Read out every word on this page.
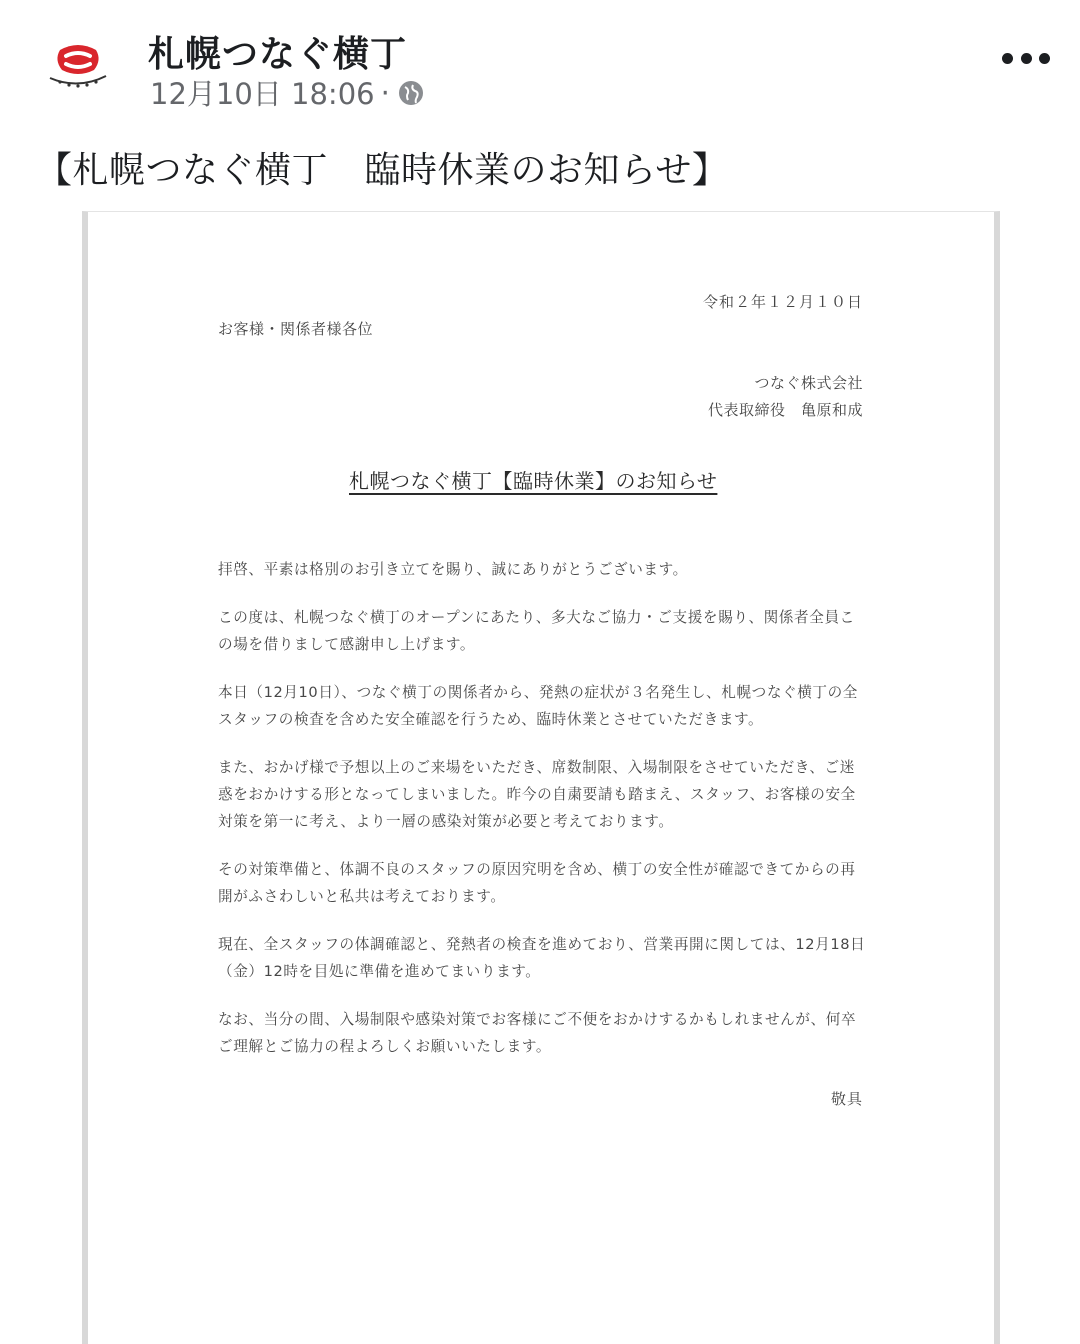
札幌つなぐ横丁
12月10日 18:06 ·
【札幌つなぐ横丁　臨時休業のお知らせ】
令和２年１２月１０日
お客様・関係者様各位
つなぐ株式会社
代表取締役　亀原和成
札幌つなぐ横丁【臨時休業】のお知らせ

拝啓、平素は格別のお引き立てを賜り、誠にありがとうございます。

この度は、札幌つなぐ横丁のオープンにあたり、多大なご協力・ご支援を賜り、関係者全員この場を借りまして感謝申し上げます。

本日（12月10日）、つなぐ横丁の関係者から、発熱の症状が３名発生し、札幌つなぐ横丁の全スタッフの検査を含めた安全確認を行うため、臨時休業とさせていただきます。

また、おかげ様で予想以上のご来場をいただき、席数制限、入場制限をさせていただき、ご迷惑をおかけする形となってしまいました。昨今の自粛要請も踏まえ、スタッフ、お客様の安全対策を第一に考え、より一層の感染対策が必要と考えております。

その対策準備と、体調不良のスタッフの原因究明を含め、横丁の安全性が確認できてからの再開がふさわしいと私共は考えております。

現在、全スタッフの体調確認と、発熱者の検査を進めており、営業再開に関しては、12月18日（金）12時を目処に準備を進めてまいります。

なお、当分の間、入場制限や感染対策でお客様にご不便をおかけするかもしれませんが、何卒ご理解とご協力の程よろしくお願いいたします。

敬具
